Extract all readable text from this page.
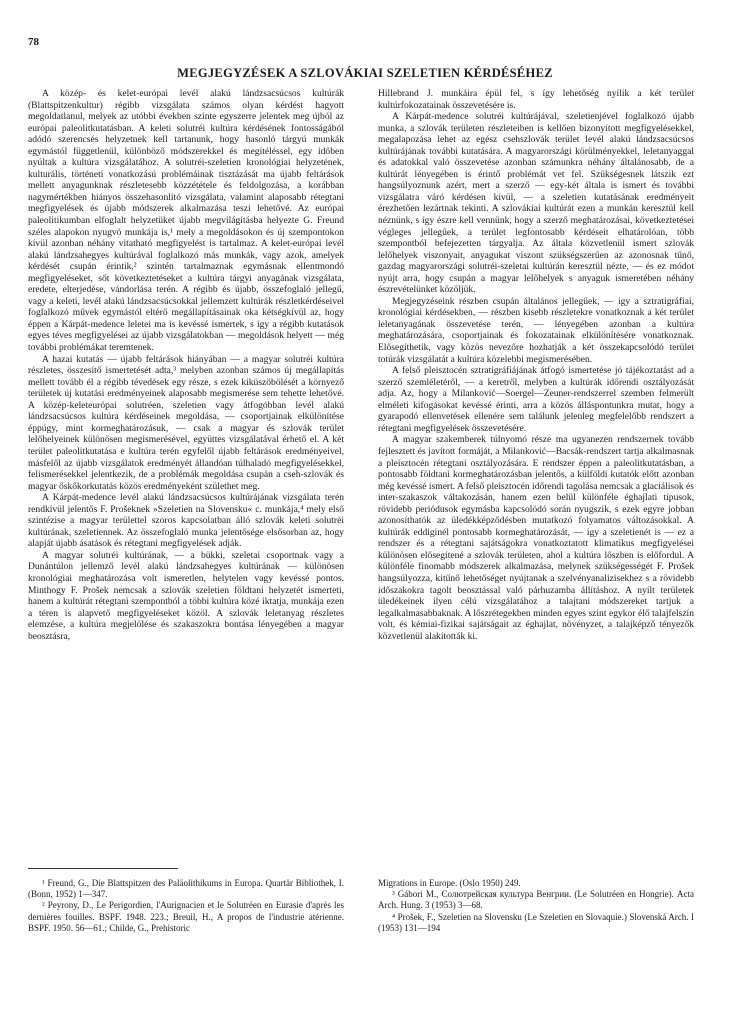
78
MEGJEGYZÉSEK A SZLOVÁKIAI SZELETIEN KÉRDÉSÉHEZ

A közép- és kelet-európai levél alakú lándzsacsúcsos kultúrák (Blattspitzenkultur) régibb vizsgálata számos olyan kérdést hagyott megoldatlanul, melyek az utóbbi években szinte egyszerre jelentek meg újból az európai paleolitkutatásban. A keleti solutréi kultúra kérdésének fontosságából adódó szerencsés helyzetnek kell tartanunk, hogy hasonló tárgyú munkák egymástól függetlenül, különböző módszerekkel és megítéléssel, egy időben nyúltak a kultúra vizsgálatához. A solutréi-szeletien kronológiai helyzetének, kulturális, történeti vonatkozású problémáinak tisztázását ma újabb feltárások mellett anyagunknak részletesebb közzététele és feldolgozása, a korábban nagymértékben hiányos összehasonlító vizsgálata, valamint alaposabb rétegtani megfigyelések és újabb módszerek alkalmazása teszi lehetővé. Az európai paleolitikumban elfoglalt helyzetüket újabb megvilágításba helyezte G. Freund széles alapokon nyugvó munkája is,¹ mely a megoldásokon és új szempontokon kívül azonban néhány vitatható megfigyelést is tartalmaz. A kelet-európai levél alakú lándzsahegyes kultúrával foglalkozó más munkák, vagy azok, amelyek kérdését csupán érintik,² szintén tartalmaznak egymásnak ellentmondó megfigyeléseket, sőt következtetéseket a kultúra tárgyi anyagának vizsgálata, eredete, elterjedése, vándorlása terén. A régibb és újabb, összefoglaló jellegű, vagy a keleti, levél alakú lándzsacsúcsokkal jellemzett kultúrák részletkérdéseivel foglalkozó művek egymástól eltérő megállapításainak oka kétségkívül az, hogy éppen a Kárpát-medence leletei ma is kevéssé ismertek, s így a régibb kutatások egyes téves megfigyelései az újabb vizsgálatokban — megoldások helyett — még további problémákat teremtenek.

A hazai kutatás — újabb feltárások hiányában — a magyar solutréi kultúra részletes, összesítő ismertetését adta,³ melyben azonban számos új megállapítás mellett tovább él a régibb tévedések egy része, s ezek kiküszöbölését a környező területek új kutatási eredményeinek alaposabb megismerése sem tehette lehetővé. A közép-keleteurópai solutréen, szeletien vagy átfogóbban levél alakú lándzsacsúcsos kultúra kérdéseinek megoldása, — csoportjainak elkülönítése éppúgy, mint kormeghatározásuk, — csak a magyar és szlovák terület lelőhelyeinek különösen megismerésével, együttes vizsgálatával érhető el. A két terület paleolitkutatása e kultúra terén egyfelől újabb feltárások eredményeivel, másfelől az újabb vizsgálatok eredményét állandóan túlhaladó megfigyelésekkel, felismerésekkel jelentkezik, de a problémák megoldása csupán a cseh-szlovák és magyar őskőkorkutatás közös eredményeként születhet meg.

A Kárpát-medence levél alakú lándzsacsúcsos kultúrájának vizsgálata terén rendkívül jelentős F. Prošeknek »Szeletien na Slovensku« c. munkája,⁴ mely első szintézise a magyar területtel szoros kapcsolatban álló szlovák keleti solutréi kultúrának, szeletiennek. Az összefoglaló munka jelentősége elsősorban az, hogy alapját újabb ásatások és rétegtani megfigyelések adják.

A magyar solutréi kultúrának, — a bükki, szeletai csoportnak vagy a Dunántúlon jellemző levél alakú lándzsahegyes kultúrának — különösen kronológiai meghatározása volt ismeretlen, helytelen vagy kevéssé pontos. Minthogy F. Prošek nemcsak a szlovák szeletien földtani helyzetét ismerteti, hanem a kultúrát rétegtani szempontból a többi kultúra közé iktatja, munkája ezen a téren is alapvető megfigyeléseket közöl. A szlovák leletanyag részletes elemzése, a kultúra megjelölése és szakaszokra bontása lényegében a magyar beosztásra,

Hillebrand J. munkáira épül fel, s így lehetőség nyílik a két terület kultúrfokozatainak összevetésére is.

A Kárpát-medence solutréi kultúrájával, szeletienjével foglalkozó újabb munka, a szlovák területen részleteiben is kellően bizonyított megfigyelésekkel, megalapozása lehet az egész csehszlovák terület levél alakú lándzsacsúcsos kultúrájának további kutatására. A magyarországi körülményekkel, leletanyaggal és adatokkal való összevetése azonban számunkra néhány általánosabb, de a kultúrát lényegében is érintő problémát vet fel. Szükségesnek látszik ezt hangsúlyoznunk azért, mert a szerző — egy-két általa is ismert és további vizsgálatra váró kérdésen kívül, — a szeletien kutatásának eredményeit érezhetően lezártnak tekinti. A szlovákiai kultúrát ezen a munkán keresztül kell néznünk, s így észre kell vennünk, hogy a szerző meghatározásai, következtetései végleges jellegűek, a terület legfontosabb kérdéseit elhatárolóan, több szempontból befejezetten tárgyalja. Az általa közvetlenül ismert szlovák lelőhelyek viszonyait, anyagukat viszont szükségszerűen az azonosnak tűnő, gazdag magyarországi solutréi-szeletai kultúrán keresztül nézte, — és ez módot nyújt arra, hogy csupán a magyar lelőhelyek s anyaguk ismeretében néhány észrevételünket közöljük.

Megjegyzéseink részben csupán általános jellegűek, — így a sztratigráfiai, kronológiai kérdésekben, — részben kisebb részletekre vonatkoznak a két terület leletanyagának összevetése terén, — lényegében azonban a kultúra meghatározására, csoportjainak és fokozatainak elkülönítésére vonatkoznak. Elősegíthetik, vagy közös nevezőre hozhatják a két összekapcsolódó terület totúrák vizsgálatát a kultúra közelebbi megismerésében.

A felső pleisztocén sztratigráfiájának átfogó ismertetése jó tájékoztatást ad a szerző szemléletéről, — a keretről, melyben a kultúrák időrendi osztályozását adja. Az, hogy a Milanković—Soergel—Zeuner-rendszerrel szemben felmerült elméleti kifogásokat kevéssé érinti, arra a közös álláspontunkra mutat, hogy a gyarapodó ellenvetések ellenére sem találunk jelenleg megfelelőbb rendszert a rétegtani megfigyelések összevetésére.

A magyar szakemberek túlnyomó része ma ugyanezen rendszernek tovább fejlesztett és javított formáját, a Milanković—Bacsák-rendszert tartja alkalmasnak a pleisztocén rétegtani osztályozására. E rendszer éppen a paleolitkutatásban, a pontosabb földtani kormeghatározásban jelentős, a külföldi kutatók előtt azonban még kevéssé ismert. A felső pleisztocén időrendi tagolása nemcsak a glaciálisok és inter-szakaszok váltakozásán, hanem ezen belül különféle éghajlati típusok, rövidebb periódusok egymásba kapcsolódó során nyugszik, s ezek egyre jobban azonosíthatók az üledékképződésben mutatkozó folyamatos változásokkal. A kultúrák eddiginél pontosabb kormeghatározását, — így a szeletienét is — ez a rendszer és a rétegtani sajátságokra vonatkoztatott klimatikus megfigyelései különösen elősegítené a szlovák területen, ahol a kultúra lőszben is előfordul. A különféle finomabb módszerek alkalmazása, melynek szükségességét F. Prošek hangsúlyozza, kitűnő lehetőséget nyújtanak a szelvényanalizisekhez s a rövidebb időszakokra tagolt beosztással való párhuzamba állításhoz. A nyílt területek üledékeinek ilyen célú vizsgálatához a talajtani módszereket tartjuk a legalkalmasabbaknak. A lőszrétegekben minden egyes szint egykor élő talajfelszín volt, és kémiai-fizikai sajátságait az éghajlat, növényzet, a talajképző tényezők közvetlenül alakították ki.

¹ Freund, G., Die Blattspitzen des Paläolithikums in Europa. Quartär Bibliothek, I. (Bonn, 1952) 1—347.

² Peyrony, D., Le Perigordien, l'Aurignacien et le Solutréen en Eurasie d'après les dernières fouilles. BSPF. 1948. 223.; Breuil, H., A propos de l'industrie atérienne. BSPF. 1950. 56—61.; Childe, G., Prehistoric

Migrations in Europe. (Oslo 1950) 249.

³ Gábori M., Солютрейская культура Венгрии. (Le Solutréen en Hongrie). Acta Arch. Hung. 3 (1953) 3—68.

⁴ Prošek, F., Szeletien na Slovensku (Le Szeletien en Slovaquie.) Slovenská Arch. I (1953) 131—194
